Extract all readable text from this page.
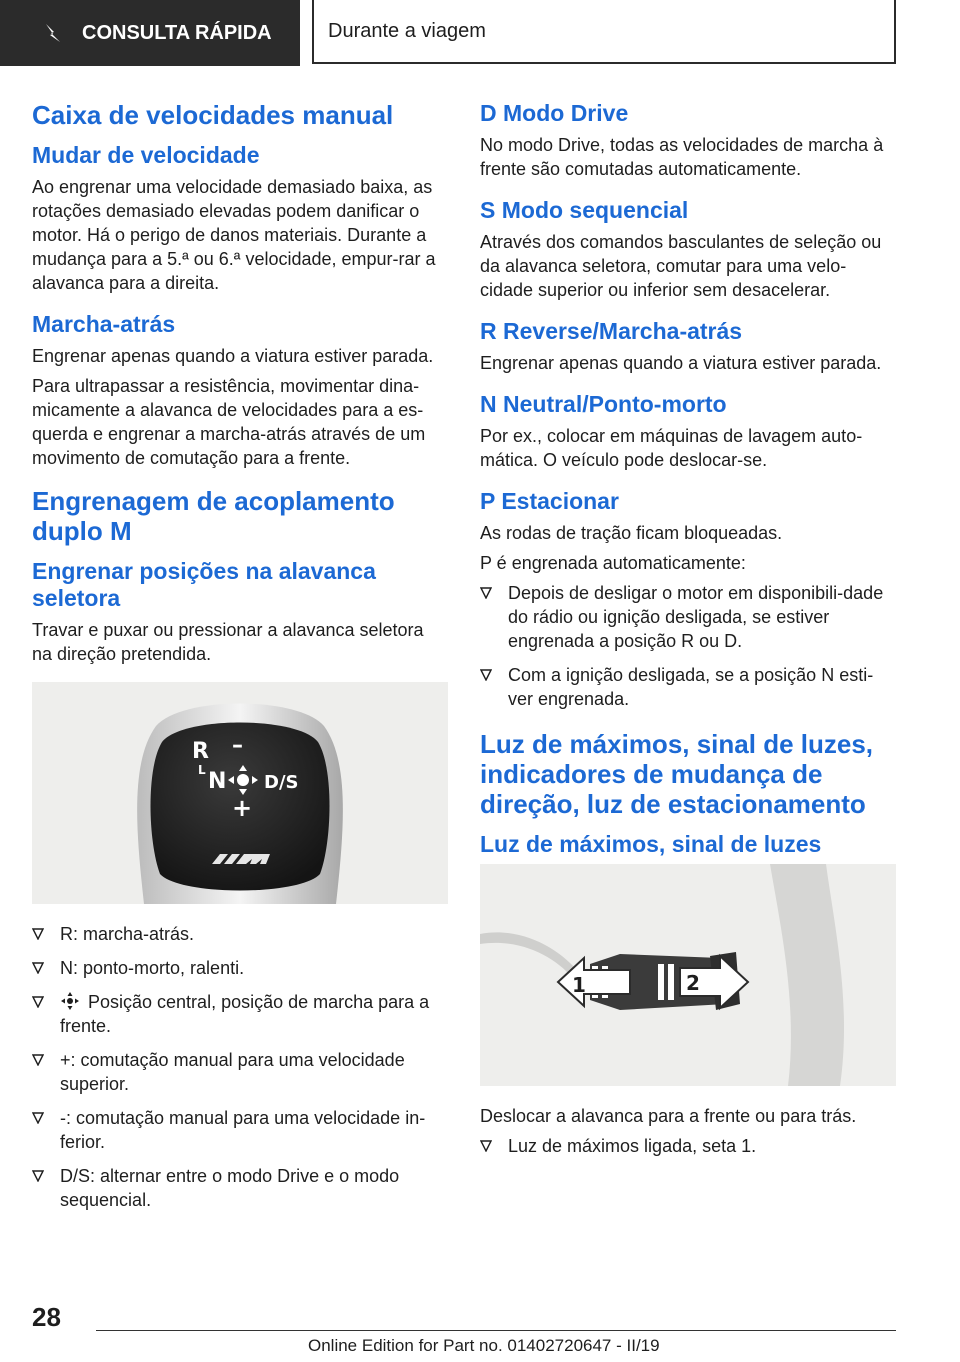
CONSULTA RÁPIDA	Durante a viagem
Caixa de velocidades manual
Mudar de velocidade

Ao engrenar uma velocidade demasiado baixa, as rotações demasiado elevadas podem danificar o motor. Há o perigo de danos materiais. Durante a mudança para a 5.ª ou 6.ª velocidade, empur‐rar a alavanca para a direita.

Marcha-atrás

Engrenar apenas quando a viatura estiver parada.

Para ultrapassar a resistência, movimentar dina‐micamente a alavanca de velocidades para a es‐querda e engrenar a marcha-atrás através de um movimento de comutação para a frente.

Engrenagem de acoplamento duplo M
Engrenar posições na alavanca seletora

Travar e puxar ou pressionar a alavanca seletora na direção pretendida.

R –
L N D/S
+
R: marcha-atrás.
N: ponto-morto, ralenti.
Posição central, posição de marcha para a frente.
+: comutação manual para uma velocidade superior.
-: comutação manual para uma velocidade in‐ferior.
D/S: alternar entre o modo Drive e o modo sequencial.
D Modo Drive

No modo Drive, todas as velocidades de marcha à frente são comutadas automaticamente.

S Modo sequencial

Através dos comandos basculantes de seleção ou da alavanca seletora, comutar para uma velo‐cidade superior ou inferior sem desacelerar.

R Reverse/Marcha-atrás

Engrenar apenas quando a viatura estiver parada.

N Neutral/Ponto-morto

Por ex., colocar em máquinas de lavagem auto‐mática. O veículo pode deslocar-se.

P Estacionar

As rodas de tração ficam bloqueadas.

P é engrenada automaticamente:

Depois de desligar o motor em disponibili‐dade do rádio ou ignição desligada, se estiver engrenada a posição R ou D.
Com a ignição desligada, se a posição N esti‐ver engrenada.
Luz de máximos, sinal de luzes, indicadores de mudança de direção, luz de estacionamento
Luz de máximos, sinal de luzes
1	2

Deslocar a alavanca para a frente ou para trás.

Luz de máximos ligada, seta 1.
28
Online Edition for Part no. 01402720647 - II/19
